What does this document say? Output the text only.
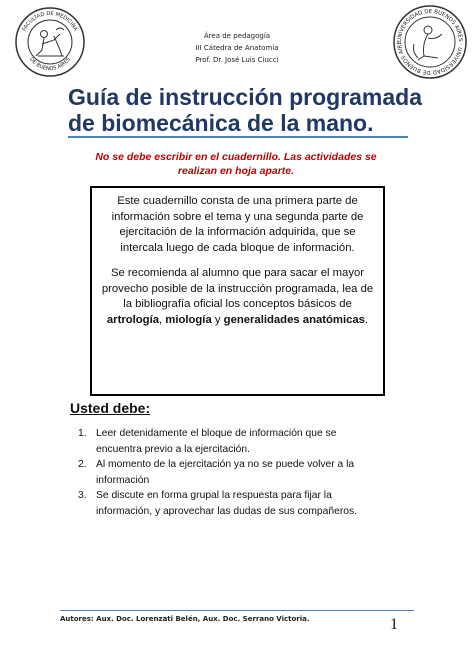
FACULTAD DE MEDICINA
DE BUENOS AIRES
Área de pedagogía
III Cátedra de Anatomía
Prof. Dr. José Luis Ciucci
UNIVERSIDAD DE BUENOS AIRES · UNIVERSIDAD DE BUENOS AIRE
Guía de instrucción programada de biomecánica de la mano.

No se debe escribir en el cuadernillo. Las actividades se realizan en hoja aparte.

Este cuadernillo consta de una primera parte de información sobre el tema y una segunda parte de ejercitación de la información adquirida, que se intercala luego de cada bloque de información.

Se recomienda al alumno que para sacar el mayor provecho posible de la instrucción programada, lea de la bibliografía oficial los conceptos básicos de artrología, miología y generalidades anatómicas.

Usted debe:
1. Leer detenidamente el bloque de información que se encuentra previo a la ejercitación.
2. Al momento de la ejercitación ya no se puede volver a la información
3. Se discute en forma grupal la respuesta para fijar la información, y aprovechar las dudas de sus compañeros.
Autores: Aux. Doc. Lorenzati Belén, Aux. Doc. Serrano Victoria.	1
